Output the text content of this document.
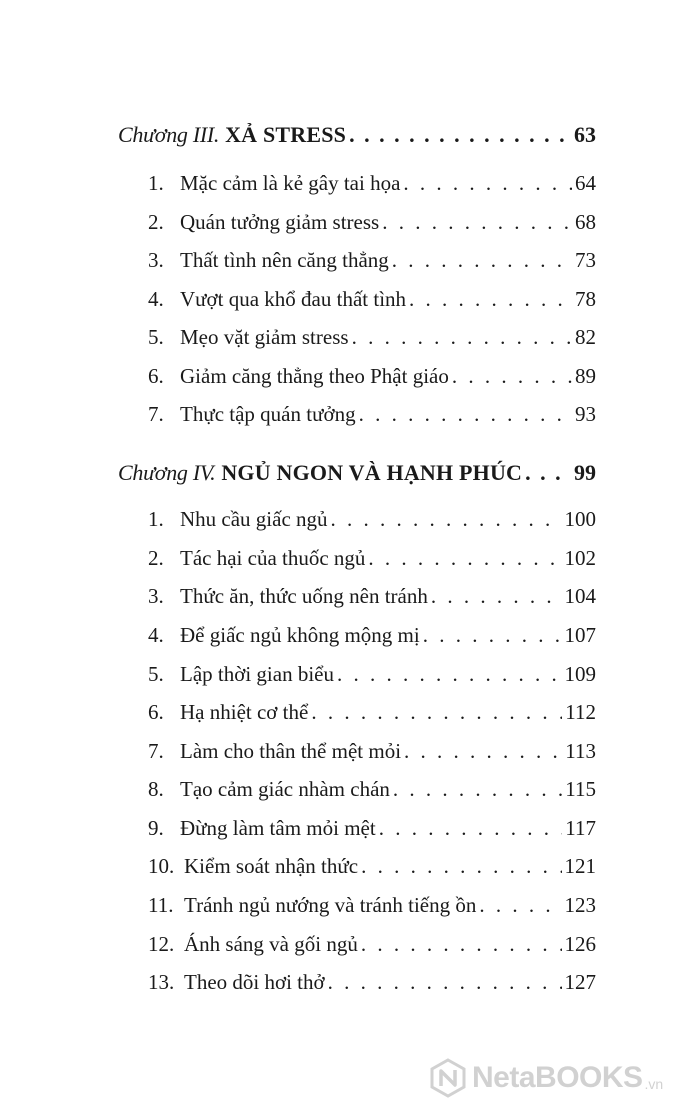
Chương III. XẢ STRESS . . .	63
1. Mặc cảm là kẻ gây tai họa . . .	64
2. Quán tưởng giảm stress . . .	68
3. Thất tình nên căng thẳng . . .	73
4. Vượt qua khổ đau thất tình . . .	78
5. Mẹo vặt giảm stress . . .	82
6. Giảm căng thẳng theo Phật giáo . . .	89
7. Thực tập quán tưởng . . .	93
Chương IV. NGỦ NGON VÀ HẠNH PHÚC . . . 99
1. Nhu cầu giấc ngủ . . .	100
2. Tác hại của thuốc ngủ . . .	102
3. Thức ăn, thức uống nên tránh . . .	104
4. Để giấc ngủ không mộng mị . . .	107
5. Lập thời gian biểu . . .	109
6. Hạ nhiệt cơ thể . . .	112
7. Làm cho thân thể mệt mỏi . . .	113
8. Tạo cảm giác nhàm chán . . .	115
9. Đừng làm tâm mỏi mệt . . .	117
10. Kiểm soát nhận thức . . .	121
11. Tránh ngủ nướng và tránh tiếng ồn . . .	123
12. Ánh sáng và gối ngủ . . .	126
13. Theo dõi hơi thở . . .	127
NetaBOOKS .vn
